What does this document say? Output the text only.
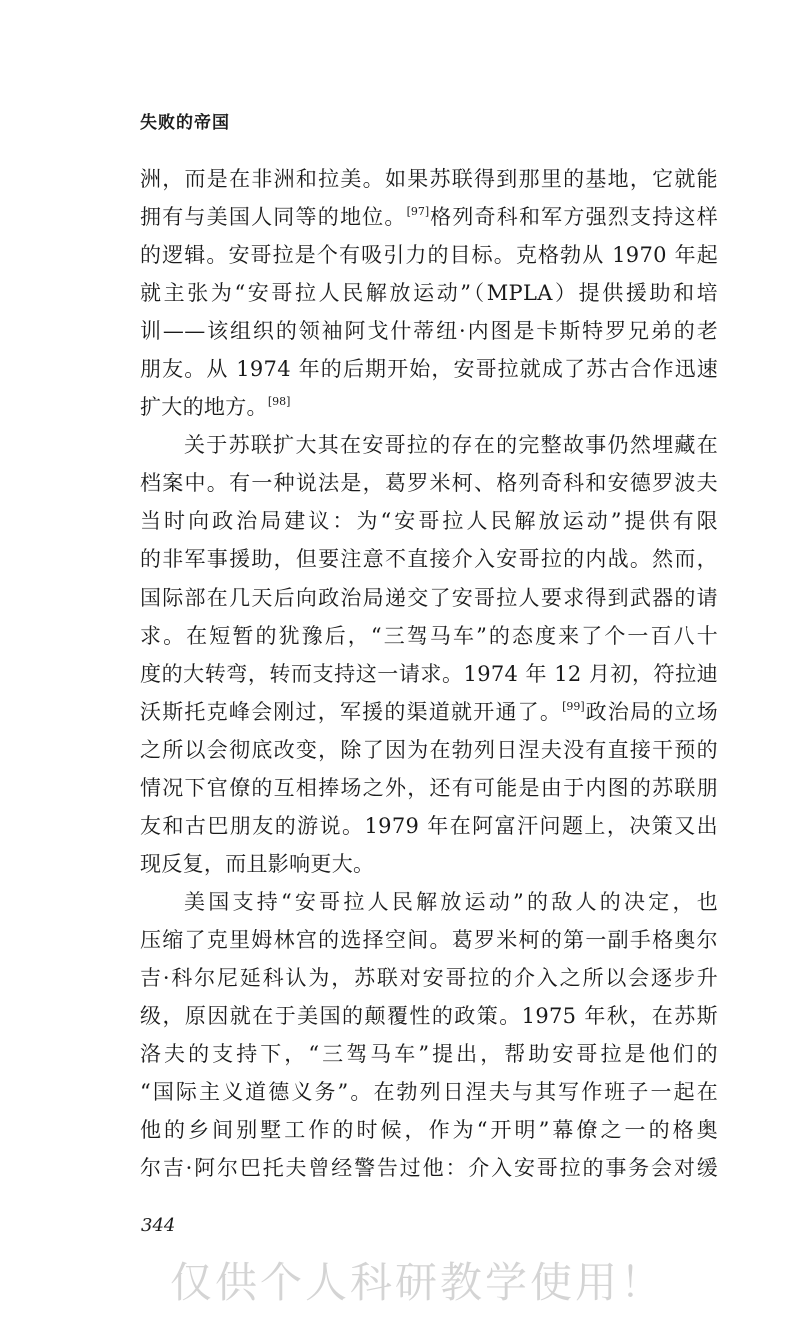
失败的帝国
洲，而是在非洲和拉美。如果苏联得到那里的基地，它就能
拥有与美国人同等的地位。[97]格列奇科和军方强烈支持这样
的逻辑。安哥拉是个有吸引力的目标。克格勃从 1970 年起
就主张为“安哥拉人民解放运动”（MPLA）提供援助和培
训——该组织的领袖阿戈什蒂纽·内图是卡斯特罗兄弟的老
朋友。从 1974 年的后期开始，安哥拉就成了苏古合作迅速
扩大的地方。[98]
关于苏联扩大其在安哥拉的存在的完整故事仍然埋藏在
档案中。有一种说法是，葛罗米柯、格列奇科和安德罗波夫
当时向政治局建议：为“安哥拉人民解放运动”提供有限
的非军事援助，但要注意不直接介入安哥拉的内战。然而，
国际部在几天后向政治局递交了安哥拉人要求得到武器的请
求。在短暂的犹豫后，“三驾马车”的态度来了个一百八十
度的大转弯，转而支持这一请求。1974 年 12 月初，符拉迪
沃斯托克峰会刚过，军援的渠道就开通了。[99]政治局的立场
之所以会彻底改变，除了因为在勃列日涅夫没有直接干预的
情况下官僚的互相捧场之外，还有可能是由于内图的苏联朋
友和古巴朋友的游说。1979 年在阿富汗问题上，决策又出
现反复，而且影响更大。
美国支持“安哥拉人民解放运动”的敌人的决定，也
压缩了克里姆林宫的选择空间。葛罗米柯的第一副手格奥尔
吉·科尔尼延科认为，苏联对安哥拉的介入之所以会逐步升
级，原因就在于美国的颠覆性的政策。1975 年秋，在苏斯
洛夫的支持下，“三驾马车”提出，帮助安哥拉是他们的
“国际主义道德义务”。在勃列日涅夫与其写作班子一起在
他的乡间别墅工作的时候，作为“开明”幕僚之一的格奥
尔吉·阿尔巴托夫曾经警告过他：介入安哥拉的事务会对缓
344
仅供个人科研教学使用！
